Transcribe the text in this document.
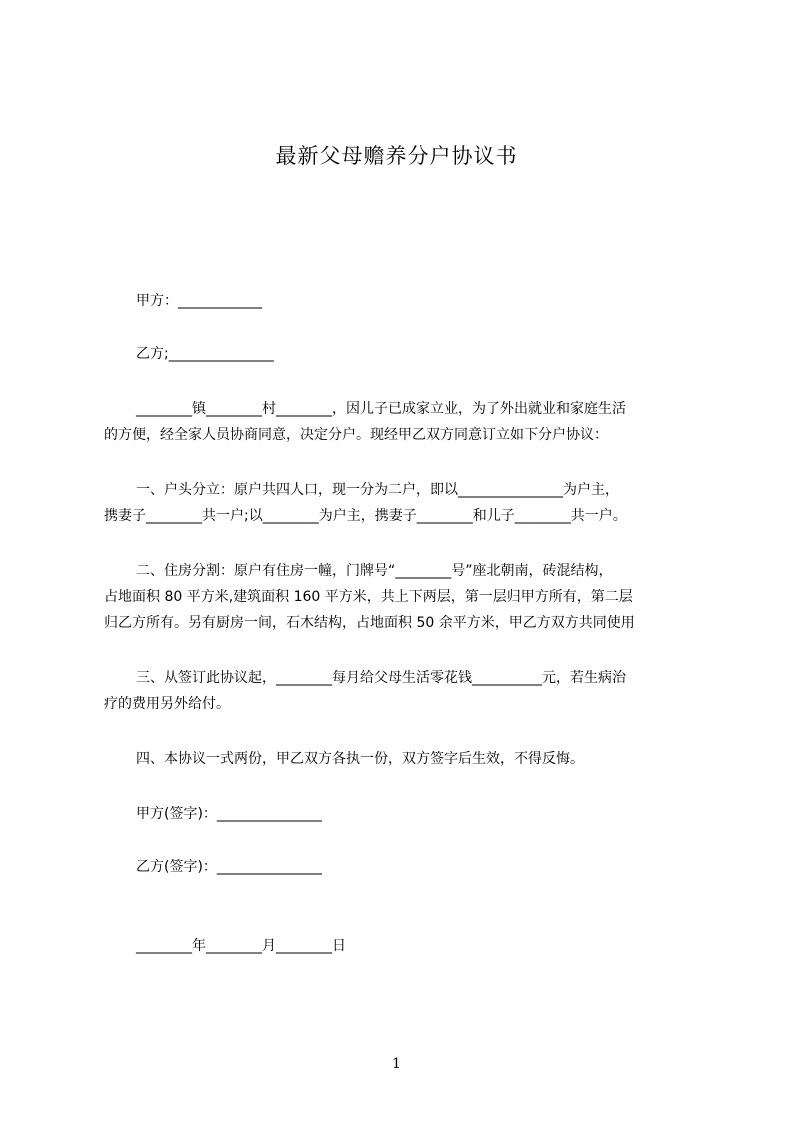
最新父母赡养分户协议书
甲方：____________
乙方;_______________
________镇________村________，因儿子已成家立业，为了外出就业和家庭生活
的方便，经全家人员协商同意，决定分户。现经甲乙双方同意订立如下分户协议：
一、户头分立：原户共四人口，现一分为二户，即以_______________为户主，
携妻子________共一户;以________为户主，携妻子________和儿子________共一户。
二、住房分割：原户有住房一幢，门牌号“________号”座北朝南，砖混结构，
占地面积 80 平方米,建筑面积 160 平方米，共上下两层，第一层归甲方所有，第二层
归乙方所有。另有厨房一间，石木结构，占地面积 50 余平方米，甲乙方双方共同使用
三、从签订此协议起，________每月给父母生活零花钱__________元，若生病治
疗的费用另外给付。
四、本协议一式两份，甲乙双方各执一份，双方签字后生效，不得反悔。
甲方(签字)：_______________
乙方(签字)：_______________
________年________月________日
1
